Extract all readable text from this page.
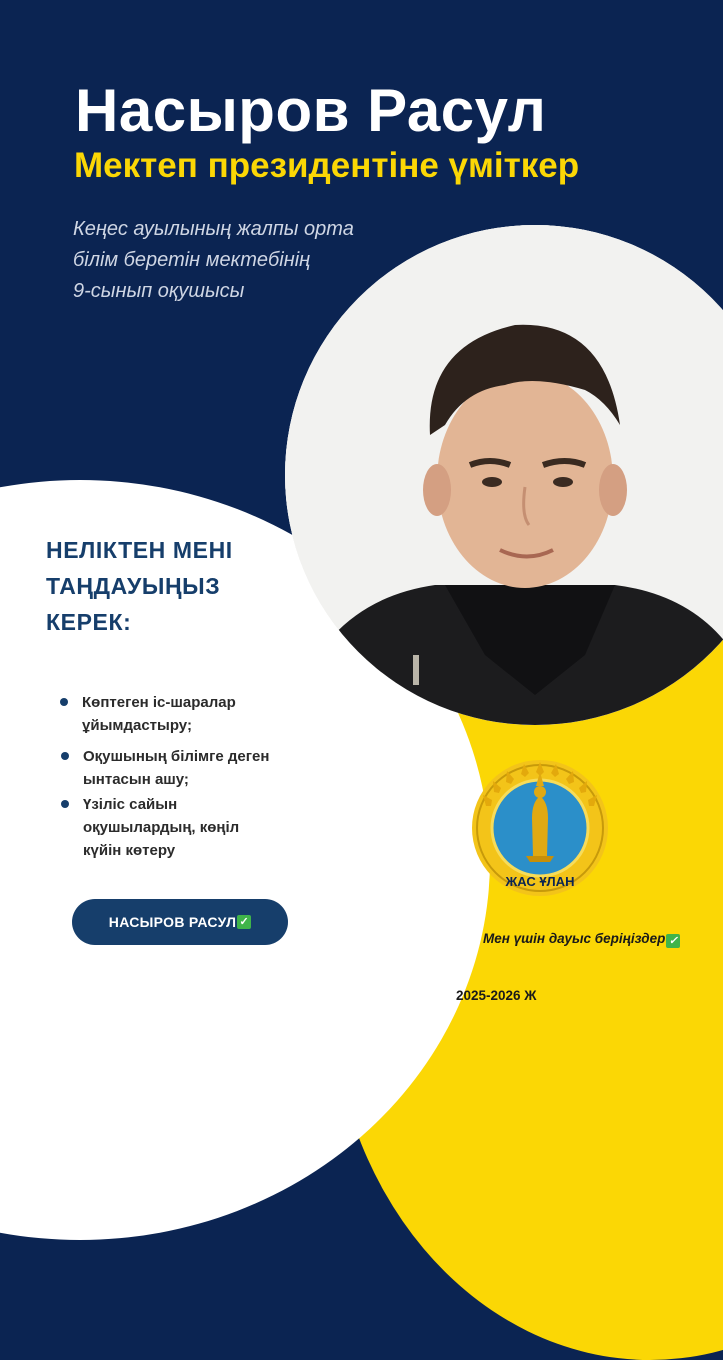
Насыров Расул
Мектеп президентіне үміткер
Кеңес ауылының жалпы орта
білім беретін мектебінің
9-сынып оқушысы
НЕЛІКТЕН МЕНІ
ТАҢДАУЫҢЫЗ
КЕРЕК:
Көптеген іс-шаралар
ұйымдастыру;
Оқушының білімге деген
ынтасын ашу;
Үзіліс сайын
оқушылардың, көңіл
күйін көтеру
НАСЫРОВ РАСУЛ ✓
ЖАС ҰЛАН
Мен үшін дауыс беріңіздер ✓
2025-2026 Ж
